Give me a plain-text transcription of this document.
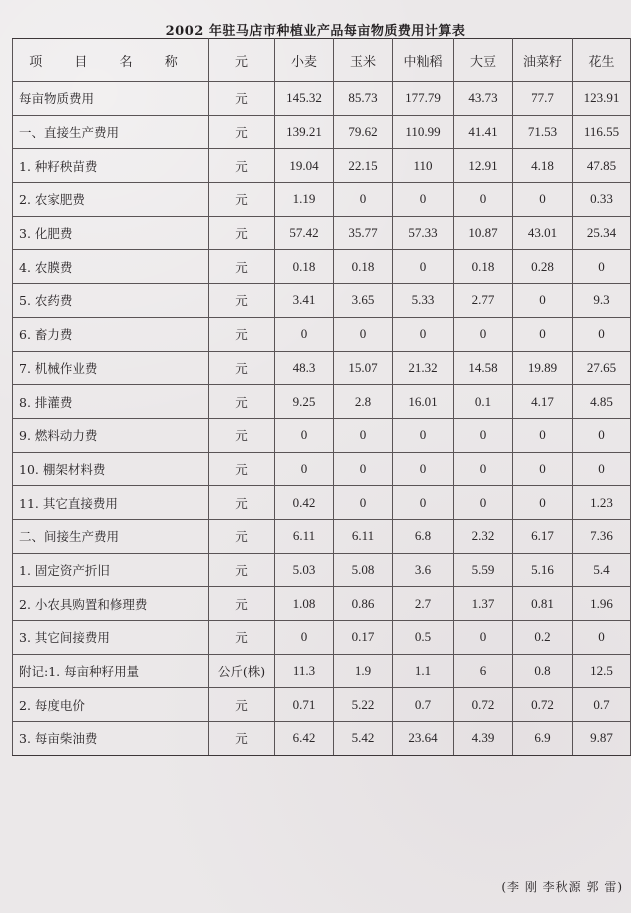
2002 年驻马店市种植业产品每亩物质费用计算表
项 目 名 称	元	小麦	玉米	中籼稻	大豆	油菜籽	花生
每亩物质费用	元	145.32	85.73	177.79	43.73	77.7	123.91
一、直接生产费用	元	139.21	79.62	110.99	41.41	71.53	116.55
1. 种籽秧苗费	元	19.04	22.15	110	12.91	4.18	47.85
2. 农家肥费	元	1.19	0	0	0	0	0.33
3. 化肥费	元	57.42	35.77	57.33	10.87	43.01	25.34
4. 农膜费	元	0.18	0.18	0	0.18	0.28	0
5. 农药费	元	3.41	3.65	5.33	2.77	0	9.3
6. 畜力费	元	0	0	0	0	0	0
7. 机械作业费	元	48.3	15.07	21.32	14.58	19.89	27.65
8. 排灌费	元	9.25	2.8	16.01	0.1	4.17	4.85
9. 燃料动力费	元	0	0	0	0	0	0
10. 棚架材料费	元	0	0	0	0	0	0
11. 其它直接费用	元	0.42	0	0	0	0	1.23
二、间接生产费用	元	6.11	6.11	6.8	2.32	6.17	7.36
1. 固定资产折旧	元	5.03	5.08	3.6	5.59	5.16	5.4
2. 小农具购置和修理费	元	1.08	0.86	2.7	1.37	0.81	1.96
3. 其它间接费用	元	0	0.17	0.5	0	0.2	0
附记:1. 每亩种籽用量	公斤(株)	11.3	1.9	1.1	6	0.8	12.5
2. 每度电价	元	0.71	5.22	0.7	0.72	0.72	0.7
3. 每亩柴油费	元	6.42	5.42	23.64	4.39	6.9	9.87
(李 刚 李秋源 郭 雷)
